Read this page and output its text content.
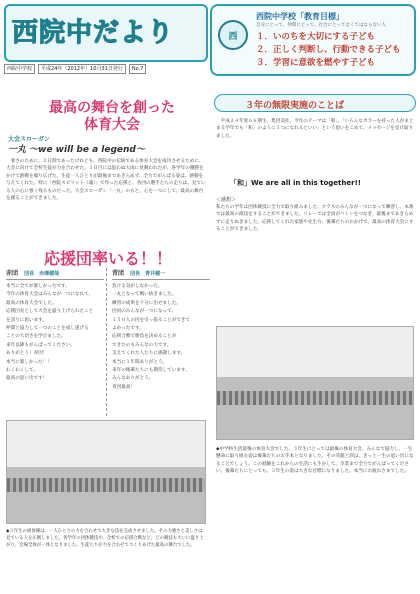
西院中だより
西院中学校	平成24年（2012年）10月31日発行	No.7
西
西院中学校「教育目標」
自分にとって、仲間にとって、社会にとってなくてはならない人
１．いのちを大切にする子ども
２．正しく判断し、行動できる子ども
３．学習に意欲を燃やす子ども
最高の舞台を創った
体育大会
大会スローガン
一丸 ～we will be a legend～
暑さのために、２日間であったけれども、西院中の伝統である体育大会を成功させるために、大会に向けて全校生徒が力を合わせた。１日目には思わぬ大雨に見舞われたが、各学年の優勝をかけて熱戦を繰り広げた。生徒一人ひとりが最後まであきらめず、全力でがんばる姿は、感動を与えてくれた。特に「西院スピリット（魂）」で作った応援と、各団の選手たちの走りは、見ている人の心に強く残るものだった。大会スローガン「一丸」のもと、心を一つにして、最高の舞台を創ることができました。
応援団率いる！！
赤団 団長　赤澤健哉
本当に全てが楽しかったです。
今年の体育大会はみんなが一つになれて、
最高の体育大会でした。
応援団長として大会を盛り上げられたこと
を誇りに思います。
仲間と協力して一つのことを成し遂げる
ことの大切さを学びました。
来年以降もがんばってください。
ありがとう！赤団！
本当に楽しかった！！
わくわくして、
最高の思い出です！
青団 団長　青井健一
負ける気がしなかった。
一丸となって戦い抜きました。
練習の成果を十分に出せました。
団員のみんなが一つになって、
１５０人の団を引っ張ることができて
よかったです。
応援合戦で勝負を決めることが
できたのもみんなの力です。
支えてくれた人たちに感謝します。
本当に１年間ありがとう。
来年の後輩たちにも期待しています。
みんなありがとう。
青団最高！
◆３年生の組体操は、一人ひとりの力を合わせて大きな技を完成させました。その力強さと美しさは見ている人を圧倒しました。各学年の団体競技や、全校での応援合戦など、どの競技も大いに盛り上がり、会場全体が一体となりました。生徒たちが力を合わせてつくりあげた最高の舞台でした。
３年の無限実施のことば
平成２４年度６６期生、集団美佐。今年のテーマは「和」。「いろんなカラーを持った人がまとまる学年でも「和」のように１つになれるといい」という思いをこめて、メッセージを受け取りました。
「和」We are all in this together!!
＜感想＞
私たちの学年は団体競技に全力で取り組みました。クラスのみんなが一つになって練習し、本番では最高の演技をすることができました。リレーでは全員がバトンをつなぎ、最後まであきらめずに走りぬきました。応援してくれた家族や先生方、後輩たちのおかげで、最高の体育大会にすることができました。
◆中学校生活最後の体育大会でした。３年生にとっては最後の体育大会。みんなで協力し、一生懸命に取り組む姿は後輩たちのお手本となりました。その笑顔と涙は、きっと一生の思い出になることでしょう。この経験をこれからの生活にも生かして、卒業まで全力でがんばってください。後輩たちにとっても、３年生の姿は大きな目標になりました。本当にお疲れさまでした。
